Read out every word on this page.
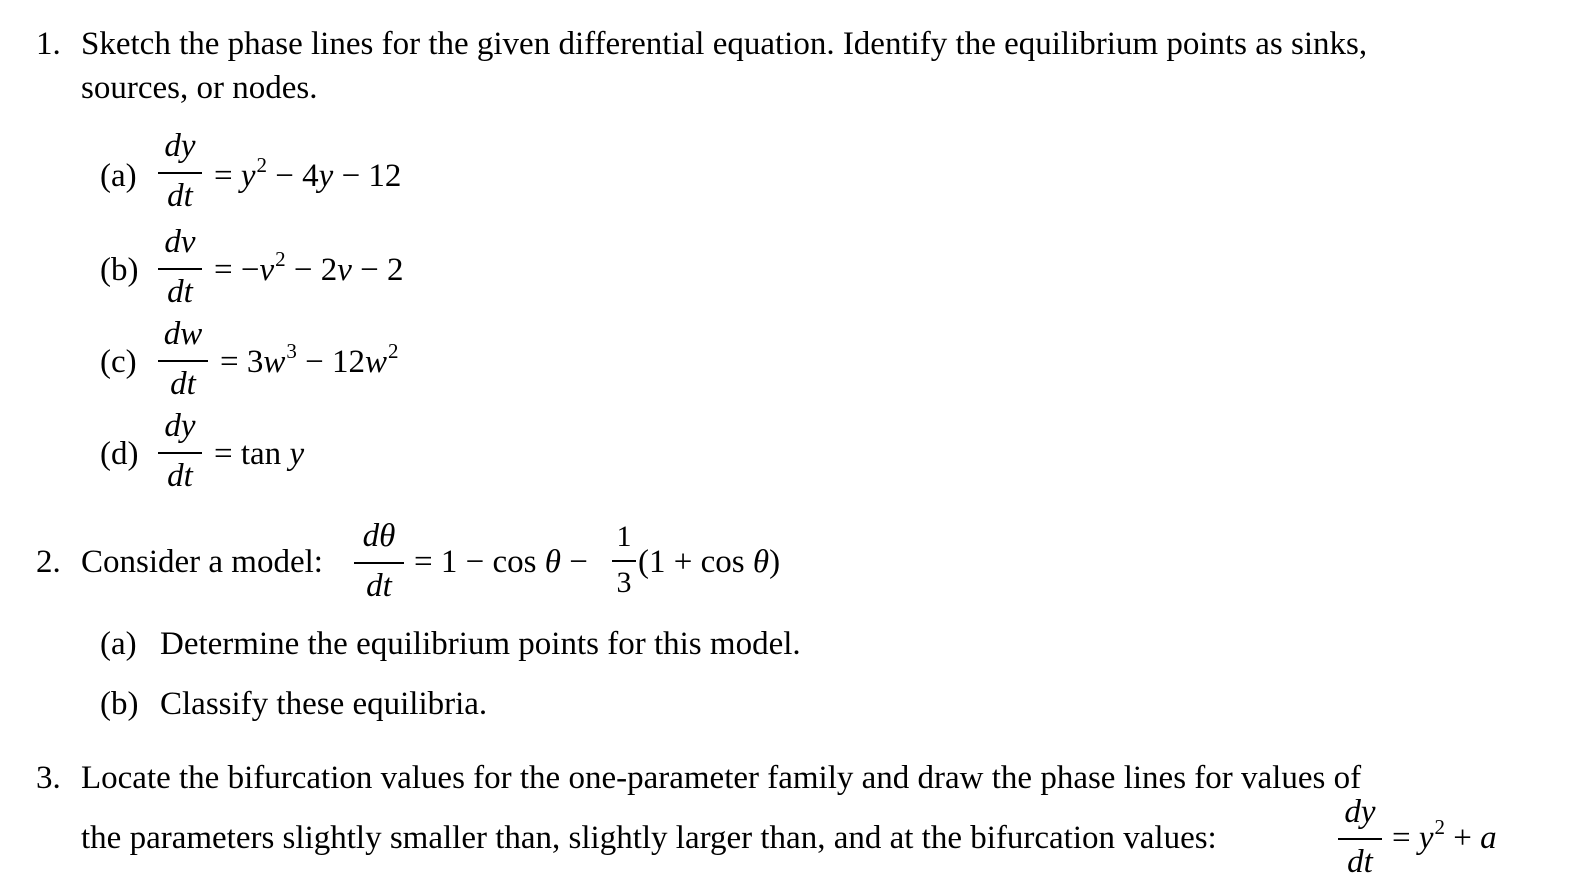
1. Sketch the phase lines for the given differential equation. Identify the equilibrium points as sinks,
sources, or nodes.
(a)
dy
dt
= $y^2 - 4y - 12$
(b)
dv
dt
= $-v^2 - 2v - 2$
(c)
dw
dt
= $3w^3 - 12w^2$
(d)
dy
dt
= tan y
2. Consider a model:
dθ
dt
= 1 − cos θ −
1
3
(1 + cos θ)
(a) Determine the equilibrium points for this model.
(b) Classify these equilibria.
3. Locate the bifurcation values for the one-parameter family and draw the phase lines for values of
the parameters slightly smaller than, slightly larger than, and at the bifurcation values:
dy
dt
= $y^2 + a$
